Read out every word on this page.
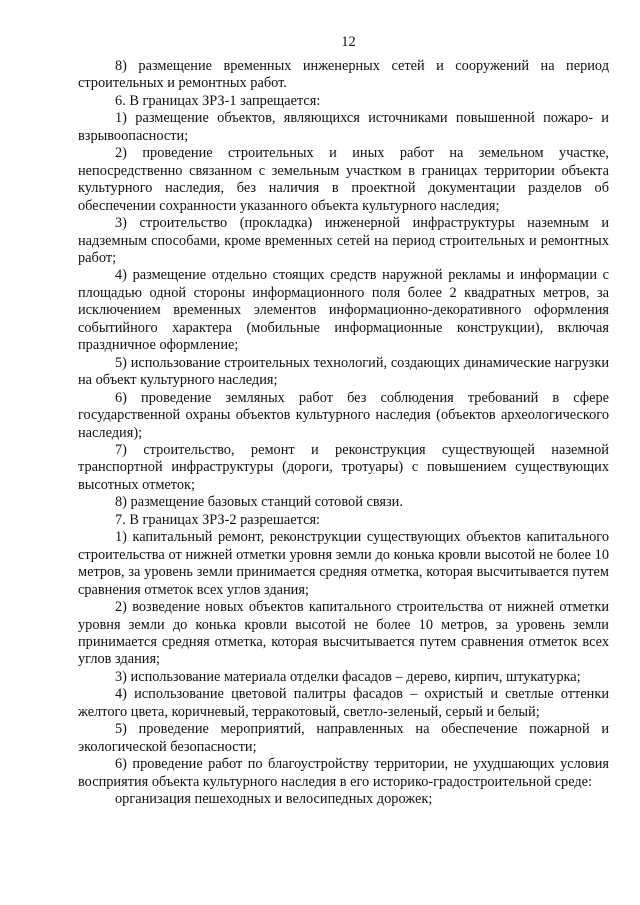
12

8) размещение временных инженерных сетей и сооружений на период строительных и ремонтных работ.

6. В границах ЗРЗ-1 запрещается:

1) размещение объектов, являющихся источниками повышенной пожаро- и взрывоопасности;

2) проведение строительных и иных работ на земельном участке, непосредственно связанном с земельным участком в границах территории объекта культурного наследия, без наличия в проектной документации разделов об обеспечении сохранности указанного объекта культурного наследия;

3) строительство (прокладка) инженерной инфраструктуры наземным и надземным способами, кроме временных сетей на период строительных и ремонтных работ;

4) размещение отдельно стоящих средств наружной рекламы и информации с площадью одной стороны информационного поля более 2 квадратных метров, за исключением временных элементов информационно-декоративного оформления событийного характера (мобильные информационные конструкции), включая праздничное оформление;

5) использование строительных технологий, создающих динамические нагрузки на объект культурного наследия;

6) проведение земляных работ без соблюдения требований в сфере государственной охраны объектов культурного наследия (объектов археологического наследия);

7) строительство, ремонт и реконструкция существующей наземной транспортной инфраструктуры (дороги, тротуары) с повышением существующих высотных отметок;

8) размещение базовых станций сотовой связи.

7. В границах ЗРЗ-2 разрешается:

1) капитальный ремонт, реконструкции существующих объектов капитального строительства от нижней отметки уровня земли до конька кровли высотой не более 10 метров, за уровень земли принимается средняя отметка, которая высчитывается путем сравнения отметок всех углов здания;

2) возведение новых объектов капитального строительства от нижней отметки уровня земли до конька кровли высотой не более 10 метров, за уровень земли принимается средняя отметка, которая высчитывается путем сравнения отметок всех углов здания;

3) использование материала отделки фасадов – дерево, кирпич, штукатурка;

4) использование цветовой палитры фасадов – охристый и светлые оттенки желтого цвета, коричневый, терракотовый, светло-зеленый, серый и белый;

5) проведение мероприятий, направленных на обеспечение пожарной и экологической безопасности;

6) проведение работ по благоустройству территории, не ухудшающих условия восприятия объекта культурного наследия в его историко-градостроительной среде:

организация пешеходных и велосипедных дорожек;
